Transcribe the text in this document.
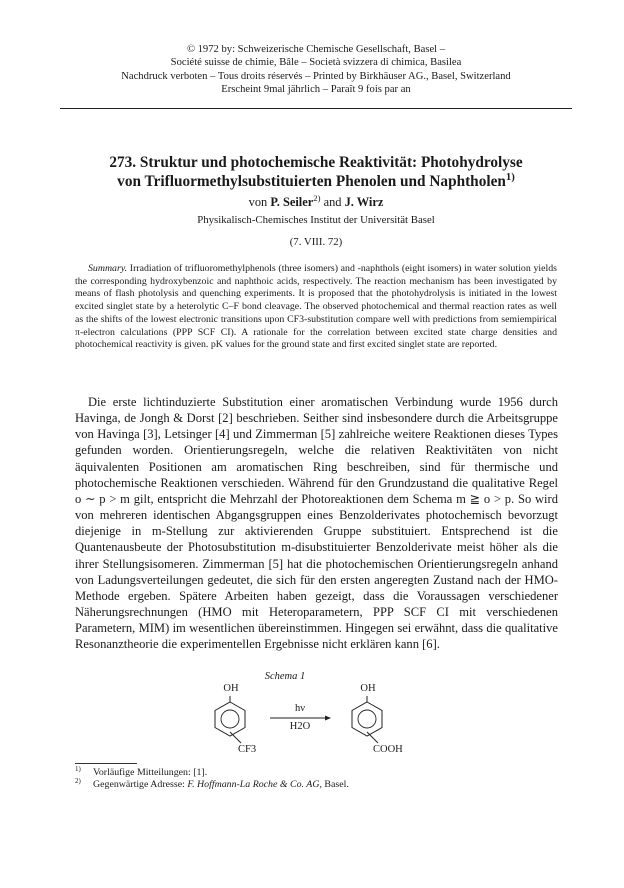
© 1972 by: Schweizerische Chemische Gesellschaft, Basel –

Société suisse de chimie, Bâle – Società svizzera di chimica, Basilea

Nachdruck verboten – Tous droits réservés – Printed by Birkhäuser AG., Basel, Switzerland

Erscheint 9mal jährlich – Paraît 9 fois par an

273. Struktur und photochemische Reaktivität: Photohydrolyse

von Trifluormethylsubstituierten Phenolen und Naphtholen$^{1)}$

von P. Seiler$^{2)}$ and J. Wirz
Physikalisch-Chemisches Institut der Universität Basel
(7. VIII. 72)

Summary. Irradiation of trifluoromethylphenols (three isomers) and -naphthols (eight isomers) in water solution yields the corresponding hydroxybenzoic and naphthoic acids, respectively. The reaction mechanism has been investigated by means of flash photolysis and quenching experiments. It is proposed that the photohydrolysis is initiated in the lowest excited singlet state by a heterolytic C–F bond cleavage. The observed photochemical and thermal reaction rates as well as the shifts of the lowest electronic transitions upon CF3-substitution compare well with predictions from semiempirical π-electron calculations (PPP SCF CI). A rationale for the correlation between excited state charge densities and photochemical reactivity is given. pK values for the ground state and first excited singlet state are reported.

Die erste lichtinduzierte Substitution einer aromatischen Verbindung wurde 1956 durch Havinga, de Jongh & Dorst [2] beschrieben. Seither sind insbesondere durch die Arbeitsgruppe von Havinga [3], Letsinger [4] und Zimmerman [5] zahlreiche weitere Reaktionen dieses Types gefunden worden. Orientierungsregeln, welche die relativen Reaktivitäten von nicht äquivalenten Positionen am aromatischen Ring beschreiben, sind für thermische und photochemische Reaktionen verschieden. Während für den Grundzustand die qualitative Regel o ∼ p > m gilt, entspricht die Mehrzahl der Photoreaktionen dem Schema m ≧ o > p. So wird von mehreren identischen Abgangsgruppen eines Benzolderivates photochemisch bevorzugt diejenige in m-Stellung zur aktivierenden Gruppe substituiert. Entsprechend ist die Quantenausbeute der Photosubstitution m-disubstituierter Benzolderivate meist höher als die ihrer Stellungsisomeren. Zimmerman [5] hat die photochemischen Orientierungsregeln anhand von Ladungsverteilungen gedeutet, die sich für den ersten angeregten Zustand nach der HMO-Methode ergeben. Spätere Arbeiten haben gezeigt, dass die Voraussagen verschiedener Näherungsrechnungen (HMO mit Heteroparametern, PPP SCF CI mit verschiedenen Parametern, MIM) im wesentlichen übereinstimmen. Hingegen sei erwähnt, dass die qualitative Resonanztheorie die experimentellen Ergebnisse nicht erklären kann [6].

Schema 1
OH
CF3
hν
H2O
OH
COOH
$^{1)}$ Vorläufige Mitteilungen: [1].
$^{2)}$ Gegenwärtige Adresse: F. Hoffmann-La Roche & Co. AG, Basel.
